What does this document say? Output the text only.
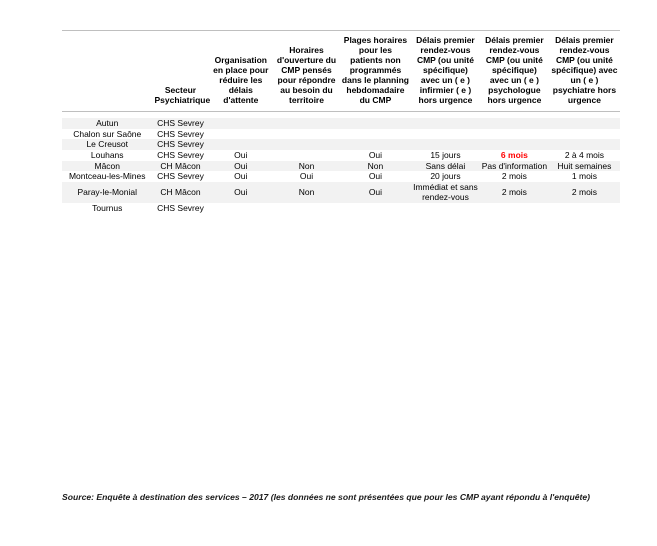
	Secteur Psychiatrique	Organisation en place pour réduire les délais d'attente	Horaires d'ouverture du CMP pensés pour répondre au besoin du territoire	Plages horaires pour les patients non programmés dans le planning hebdomadaire du CMP	Délais premier rendez-vous CMP (ou unité spécifique) avec un ( e ) infirmier ( e ) hors urgence	Délais premier rendez-vous CMP (ou unité spécifique) avec un ( e ) psychologue hors urgence	Délais premier rendez-vous CMP (ou unité spécifique) avec un ( e ) psychiatre hors urgence

Autun	CHS Sevrey						
Chalon sur Saône	CHS Sevrey						
Le Creusot	CHS Sevrey						
Louhans	CHS Sevrey	Oui		Oui	15 jours	6 mois	2 à 4 mois
Mâcon	CH Mâcon	Oui	Non	Non	Sans délai	Pas d'information	Huit semaines
Montceau-les-Mines	CHS Sevrey	Oui	Oui	Oui	20 jours	2 mois	1 mois
Paray-le-Monial	CH Mâcon	Oui	Non	Oui	Immédiat et sans rendez-vous	2 mois	2 mois
Tournus	CHS Sevrey						
Source: Enquête à destination des services – 2017 (les données ne sont présentées que pour les CMP ayant répondu à l'enquête)
